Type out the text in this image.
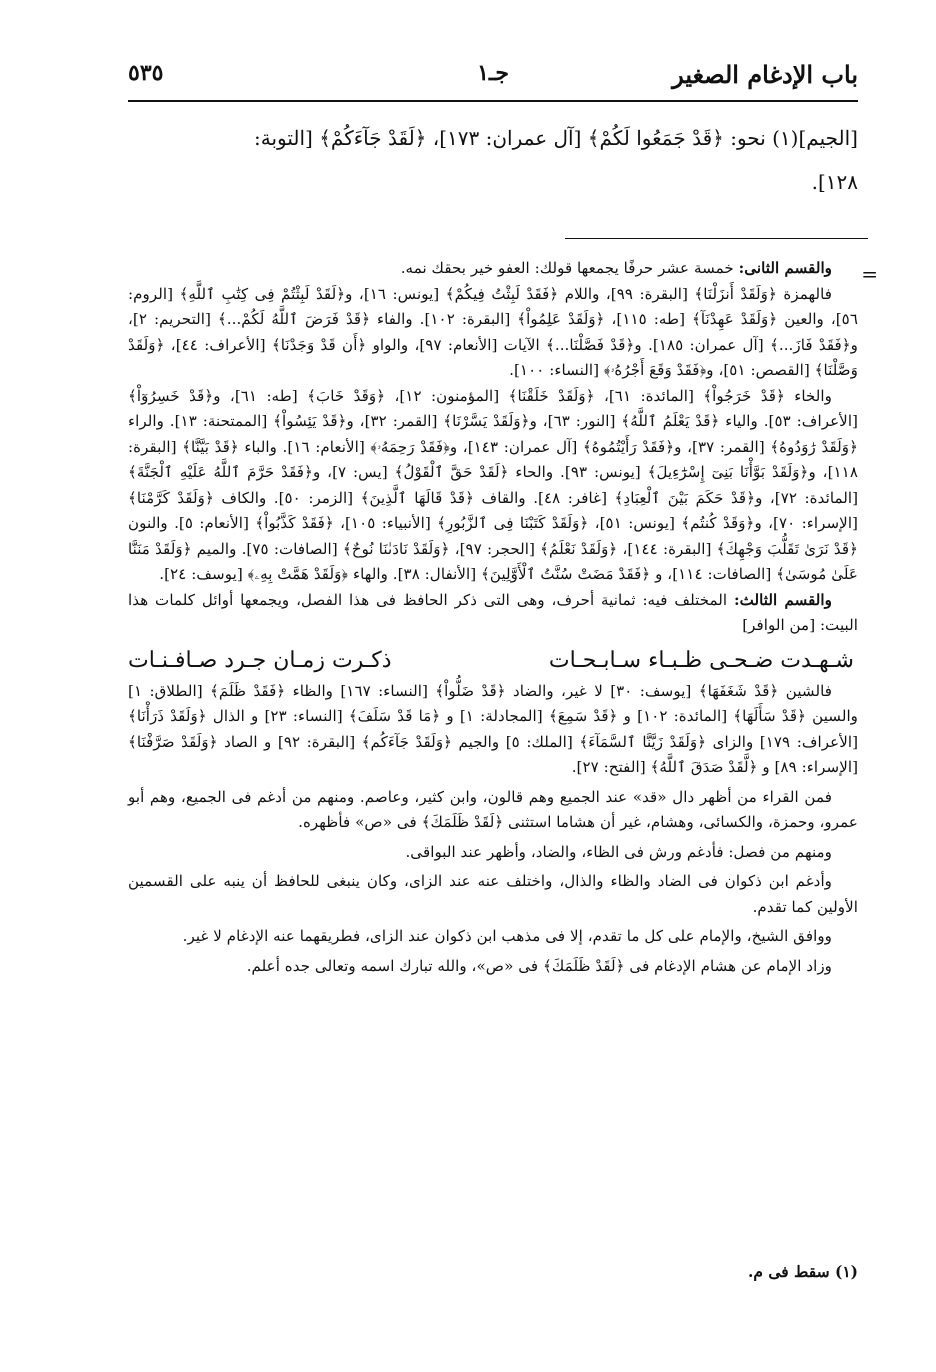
باب الإدغام الصغير
جـ١
٥٣٥

[الجيم](١) نحو: ﴿قَدْ جَمَعُوا لَكُمْ﴾ [آل عمران: ١٧٣]، ﴿لَقَدْ جَآءَكُمْ﴾ [التوبة:

١٢٨].

=

والقسم الثانى: خمسة عشر حرفًا يجمعها قولك: العفو خير بحقك نمه.

فالهمزة ﴿وَلَقَدْ أَنزَلْنَا﴾ [البقرة: ٩٩]، واللام ﴿فَقَدْ لَبِثْتُ فِيكُمْ﴾ [يونس: ١٦]، و﴿لَقَدْ لَبِثْتُمْ فِى كِتَٰبِ ٱللَّهِ﴾ [الروم: ٥٦]، والعين ﴿وَلَقَدْ عَهِدْنَآ﴾ [طه: ١١٥]، ﴿وَلَقَدْ عَلِمُواْ﴾ [البقرة: ١٠٢]. والفاء ﴿قَدْ فَرَضَ ٱللَّهُ لَكُمْ...﴾ [التحريم: ٢]، و﴿فَقَدْ فَازَ...﴾ [آل عمران: ١٨٥]. و﴿قَدْ فَصَّلْنَا...﴾ الآيات [الأنعام: ٩٧]، والواو ﴿أَن قَدْ وَجَدْنَا﴾ [الأعراف: ٤٤]، ﴿وَلَقَدْ وَصَّلْنَا﴾ [القصص: ٥١]، و﴿فَقَدْ وَقَعَ أَجْرُهُۥ﴾ [النساء: ١٠٠].

والخاء ﴿قَدْ خَرَجُواْ﴾ [المائدة: ٦١]، ﴿وَلَقَدْ خَلَقْنَا﴾ [المؤمنون: ١٢]، ﴿وَقَدْ خَابَ﴾ [طه: ٦١]، و﴿قَدْ خَسِرُوٓاْ﴾ [الأعراف: ٥٣]. والياء ﴿قَدْ يَعْلَمُ ٱللَّهُ﴾ [النور: ٦٣]، و﴿وَلَقَدْ يَسَّرْنَا﴾ [القمر: ٣٢]، و﴿قَدْ يَئِسُواْ﴾ [الممتحنة: ١٣]. والراء ﴿وَلَقَدْ رَٰوَدُوهُ﴾ [القمر: ٣٧]، و﴿فَقَدْ رَأَيْتُمُوهُ﴾ [آل عمران: ١٤٣]، و﴿فَقَدْ رَحِمَهُۥ﴾ [الأنعام: ١٦]. والباء ﴿قَدْ بَيَّنَّا﴾ [البقرة: ١١٨]، و﴿وَلَقَدْ بَوَّأْنَا بَنِىٓ إِسْرَٰٓءِيلَ﴾ [يونس: ٩٣]. والحاء ﴿لَقَدْ حَقَّ ٱلْقَوْلُ﴾ [يس: ٧]، و﴿فَقَدْ حَرَّمَ ٱللَّهُ عَلَيْهِ ٱلْجَنَّةَ﴾ [المائدة: ٧٢]، و﴿قَدْ حَكَمَ بَيْنَ ٱلْعِبَادِ﴾ [غافر: ٤٨]. والقاف ﴿قَدْ قَالَهَا ٱلَّذِينَ﴾ [الزمر: ٥٠]. والكاف ﴿وَلَقَدْ كَرَّمْنَا﴾ [الإسراء: ٧٠]، و﴿وَقَدْ كُنتُم﴾ [يونس: ٥١]، ﴿وَلَقَدْ كَتَبْنَا فِى ٱلزَّبُورِ﴾ [الأنبياء: ١٠٥]، ﴿فَقَدْ كَذَّبُواْ﴾ [الأنعام: ٥]. والنون ﴿قَدْ نَرَىٰ تَقَلُّبَ وَجْهِكَ﴾ [البقرة: ١٤٤]، ﴿وَلَقَدْ نَعْلَمُ﴾ [الحجر: ٩٧]، ﴿وَلَقَدْ نَادَىٰنَا نُوحٌ﴾ [الصافات: ٧٥]. والميم ﴿وَلَقَدْ مَنَنَّا عَلَىٰ مُوسَىٰ﴾ [الصافات: ١١٤]، و ﴿فَقَدْ مَضَتْ سُنَّتُ ٱلْأَوَّلِينَ﴾ [الأنفال: ٣٨]. والهاء ﴿وَلَقَدْ هَمَّتْ بِهِۦ﴾ [يوسف: ٢٤].

والقسم الثالث: المختلف فيه: ثمانية أحرف، وهى التى ذكر الحافظ فى هذا الفصل، ويجمعها أوائل كلمات هذا البيت: [من الوافر]

شـهـدت ضـحـى ظـبـاء سـابـحـات
ذكـرت زمـان جـرد صـافـنـات

فالشين ﴿قَدْ شَغَفَهَا﴾ [يوسف: ٣٠] لا غير، والضاد ﴿قَدْ ضَلُّواْ﴾ [النساء: ١٦٧] والظاء ﴿فَقَدْ ظَلَمَ﴾ [الطلاق: ١] والسين ﴿قَدْ سَأَلَهَا﴾ [المائدة: ١٠٢] و ﴿قَدْ سَمِعَ﴾ [المجادلة: ١] و ﴿مَا قَدْ سَلَفَ﴾ [النساء: ٢٣] و الذال ﴿وَلَقَدْ ذَرَأْنَا﴾ [الأعراف: ١٧٩] والزاى ﴿وَلَقَدْ زَيَّنَّا ٱلسَّمَآءَ﴾ [الملك: ٥] والجيم ﴿وَلَقَدْ جَآءَكُم﴾ [البقرة: ٩٢] و الصاد ﴿وَلَقَدْ صَرَّفْنَا﴾ [الإسراء: ٨٩] و ﴿لَّقَدْ صَدَقَ ٱللَّهُ﴾ [الفتح: ٢٧].

فمن القراء من أظهر دال «قد» عند الجميع وهم قالون، وابن كثير، وعاصم. ومنهم من أدغم فى الجميع، وهم أبو عمرو، وحمزة، والكسائى، وهشام، غير أن هشاما استثنى ﴿لَقَدْ ظَلَمَكَ﴾ فى «ص» فأظهره.

ومنهم من فصل: فأدغم ورش فى الظاء، والضاد، وأظهر عند البواقى.

وأدغم ابن ذكوان فى الضاد والظاء والذال، واختلف عنه عند الزاى، وكان ينبغى للحافظ أن ينبه على القسمين الأولين كما تقدم.

ووافق الشيخ، والإمام على كل ما تقدم، إلا فى مذهب ابن ذكوان عند الزاى، فطريقهما عنه الإدغام لا غير.

وزاد الإمام عن هشام الإدغام فى ﴿لَقَدْ ظَلَمَكَ﴾ فى «ص»، والله تبارك اسمه وتعالى جده أعلم.

(١) سقط فى م.
